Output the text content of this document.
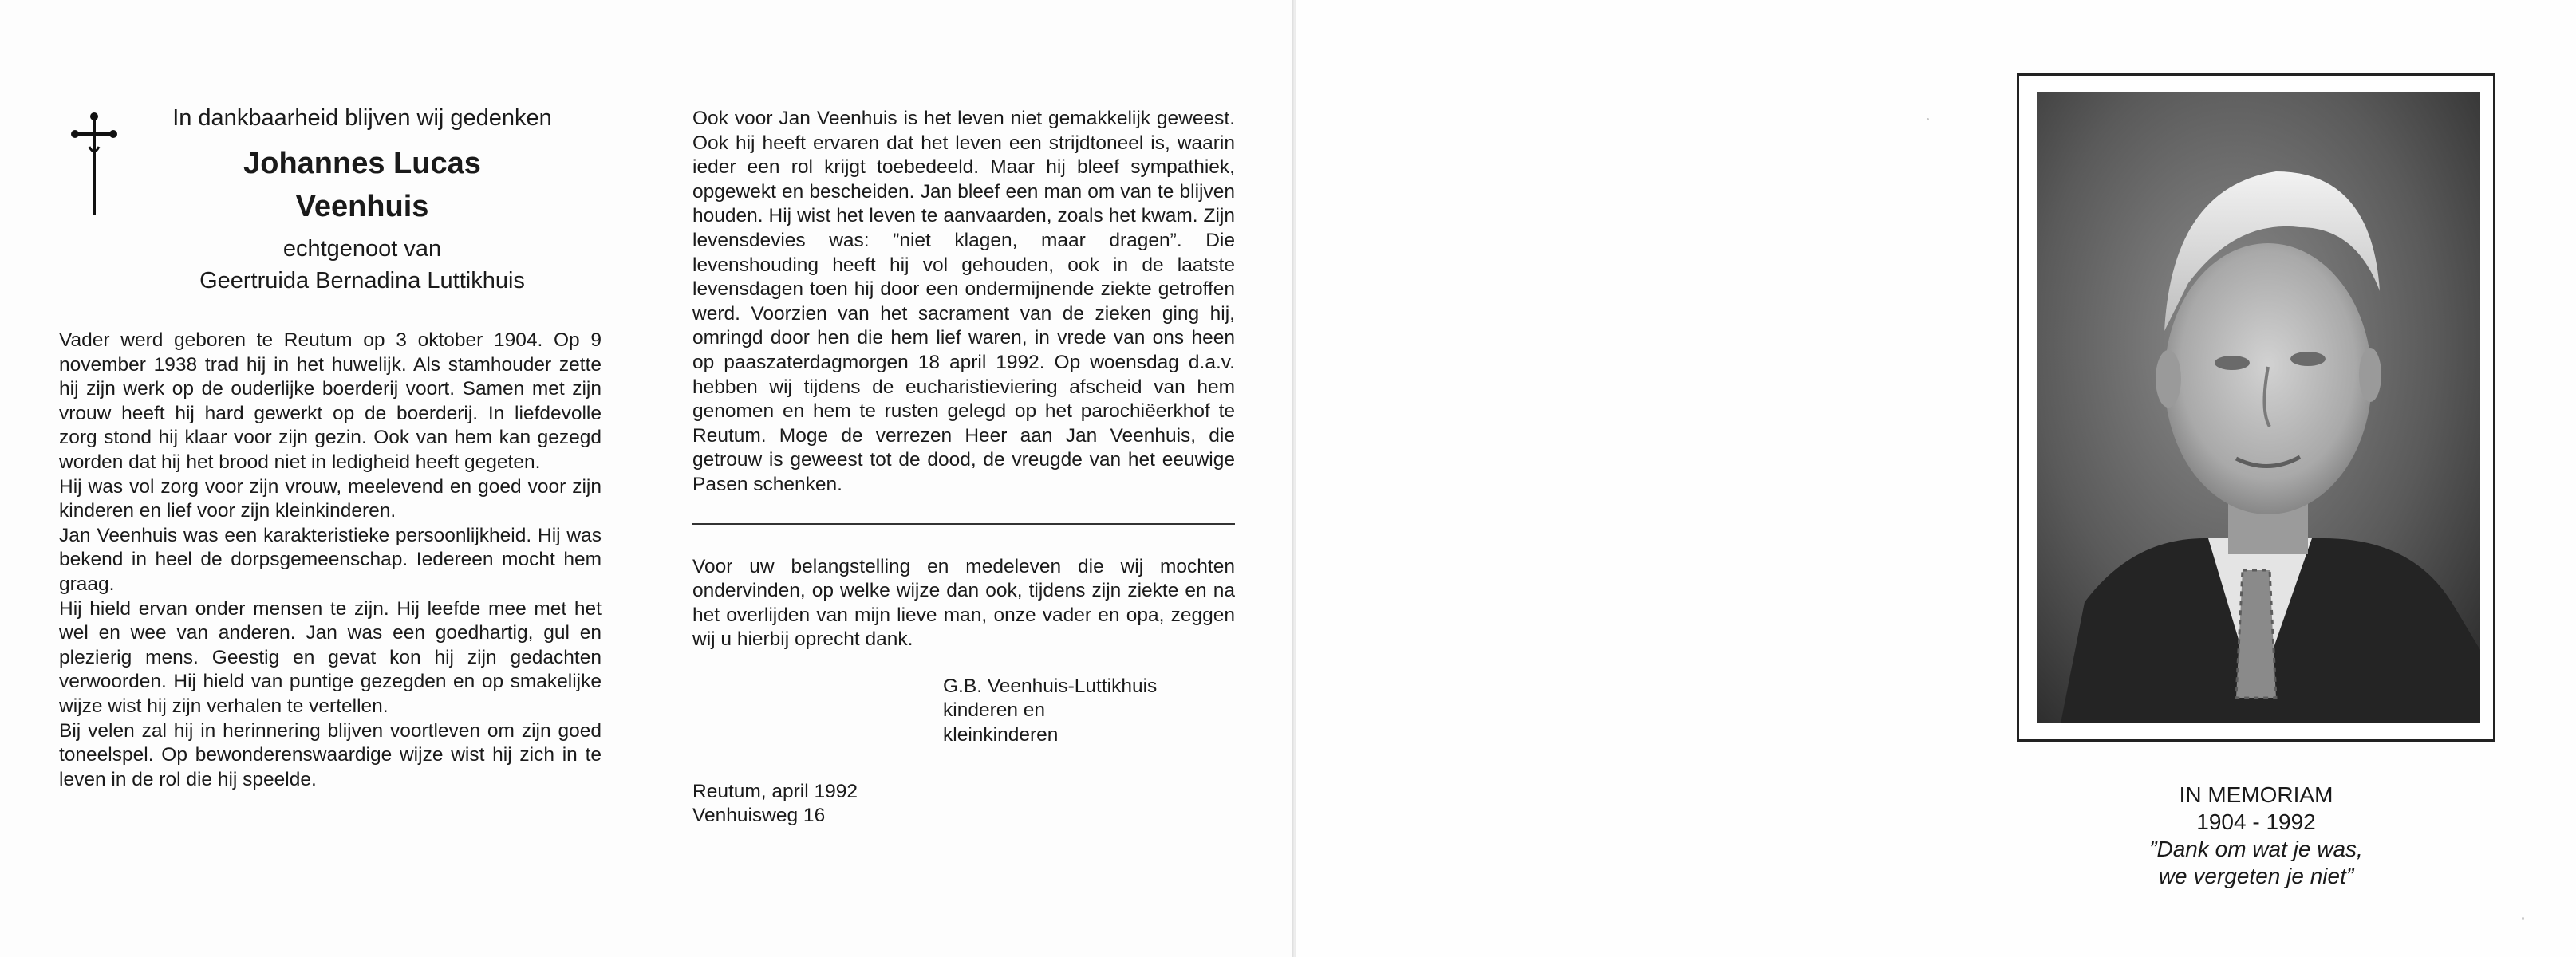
In dankbaarheid blijven wij gedenken
Johannes Lucas
Veenhuis
echtgenoot van
Geertruida Bernadina Luttikhuis

Vader werd geboren te Reutum op 3 oktober 1904. Op 9 november 1938 trad hij in het huwelijk. Als stamhouder zette hij zijn werk op de ouderlijke boerderij voort. Samen met zijn vrouw heeft hij hard gewerkt op de boerderij. In liefdevolle zorg stond hij klaar voor zijn gezin. Ook van hem kan gezegd worden dat hij het brood niet in ledigheid heeft gegeten.

Hij was vol zorg voor zijn vrouw, meelevend en goed voor zijn kinderen en lief voor zijn kleinkinderen.

Jan Veenhuis was een karakteristieke persoonlijkheid. Hij was bekend in heel de dorpsgemeenschap. Iedereen mocht hem graag.

Hij hield ervan onder mensen te zijn. Hij leefde mee met het wel en wee van anderen. Jan was een goedhartig, gul en plezierig mens. Geestig en gevat kon hij zijn gedachten verwoorden. Hij hield van puntige gezegden en op smakelijke wijze wist hij zijn verhalen te vertellen.

Bij velen zal hij in herinnering blijven voortleven om zijn goed toneelspel. Op bewonderenswaardige wijze wist hij zich in te leven in de rol die hij speelde.

Ook voor Jan Veenhuis is het leven niet gemakkelijk geweest. Ook hij heeft ervaren dat het leven een strijdtoneel is, waarin ieder een rol krijgt toebedeeld. Maar hij bleef sympathiek, opgewekt en bescheiden. Jan bleef een man om van te blijven houden. Hij wist het leven te aanvaarden, zoals het kwam. Zijn levensdevies was: ”niet klagen, maar dragen”. Die levenshouding heeft hij vol gehouden, ook in de laatste levensdagen toen hij door een ondermijnende ziekte getroffen werd. Voorzien van het sacrament van de zieken ging hij, omringd door hen die hem lief waren, in vrede van ons heen op paaszaterdagmorgen 18 april 1992. Op woensdag d.a.v. hebben wij tijdens de eucharistieviering afscheid van hem genomen en hem te rusten gelegd op het parochiëerkhof te Reutum. Moge de verrezen Heer aan Jan Veenhuis, die getrouw is geweest tot de dood, de vreugde van het eeuwige Pasen schenken.

Voor uw belangstelling en medeleven die wij mochten ondervinden, op welke wijze dan ook, tijdens zijn ziekte en na het overlijden van mijn lieve man, onze vader en opa, zeggen wij u hierbij oprecht dank.

G.B. Veenhuis-Luttikhuis
kinderen en
kleinkinderen
Reutum, april 1992
Venhuisweg 16
IN MEMORIAM
1904 - 1992
”Dank om wat je was,
we vergeten je niet”
